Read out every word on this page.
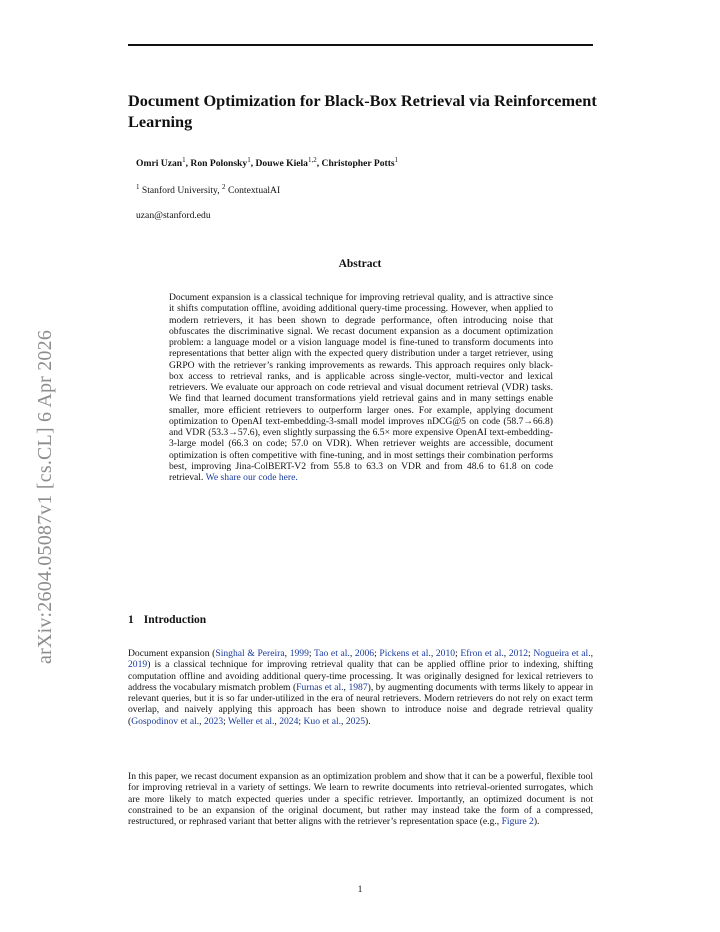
arXiv:2604.05087v1 [cs.CL] 6 Apr 2026
Document Optimization for Black-Box Retrieval via Reinforcement Learning
Omri Uzan$^1$, Ron Polonsky$^1$, Douwe Kiela$^{1,2}$, Christopher Potts$^1$
$^1$ Stanford University, $^2$ ContextualAI
uzan@stanford.edu
Abstract

Document expansion is a classical technique for improving retrieval quality, and is attractive since it shifts computation offline, avoiding additional query-time processing. However, when applied to modern retrievers, it has been shown to degrade performance, often introducing noise that obfuscates the discriminative signal. We recast document expansion as a document optimization problem: a language model or a vision language model is fine-tuned to transform documents into representations that better align with the expected query distribution under a target retriever, using GRPO with the retriever’s ranking improvements as rewards. This approach requires only black-box access to retrieval ranks, and is applicable across single-vector, multi-vector and lexical retrievers. We evaluate our approach on code retrieval and visual document retrieval (VDR) tasks. We find that learned document transformations yield retrieval gains and in many settings enable smaller, more efficient retrievers to outperform larger ones. For example, applying document optimization to OpenAI text-embedding-3-small model improves nDCG@5 on code (58.7→66.8) and VDR (53.3→57.6), even slightly surpassing the 6.5× more expensive OpenAI text-embedding-3-large model (66.3 on code; 57.0 on VDR). When retriever weights are accessible, document optimization is often competitive with fine-tuning, and in most settings their combination performs best, improving Jina-ColBERT-V2 from 55.8 to 63.3 on VDR and from 48.6 to 61.8 on code retrieval. We share our code here.

1 Introduction

Document expansion (Singhal & Pereira, 1999; Tao et al., 2006; Pickens et al., 2010; Efron et al., 2012; Nogueira et al., 2019) is a classical technique for improving retrieval quality that can be applied offline prior to indexing, shifting computation offline and avoiding additional query-time processing. It was originally designed for lexical retrievers to address the vocabulary mismatch problem (Furnas et al., 1987), by augmenting documents with terms likely to appear in relevant queries, but it is so far under-utilized in the era of neural retrievers. Modern retrievers do not rely on exact term overlap, and naively applying this approach has been shown to introduce noise and degrade retrieval quality (Gospodinov et al., 2023; Weller et al., 2024; Kuo et al., 2025).

In this paper, we recast document expansion as an optimization problem and show that it can be a powerful, flexible tool for improving retrieval in a variety of settings. We learn to rewrite documents into retrieval-oriented surrogates, which are more likely to match expected queries under a specific retriever. Importantly, an optimized document is not constrained to be an expansion of the original document, but rather may instead take the form of a compressed, restructured, or rephrased variant that better aligns with the retriever’s representation space (e.g., Figure 2).

1
